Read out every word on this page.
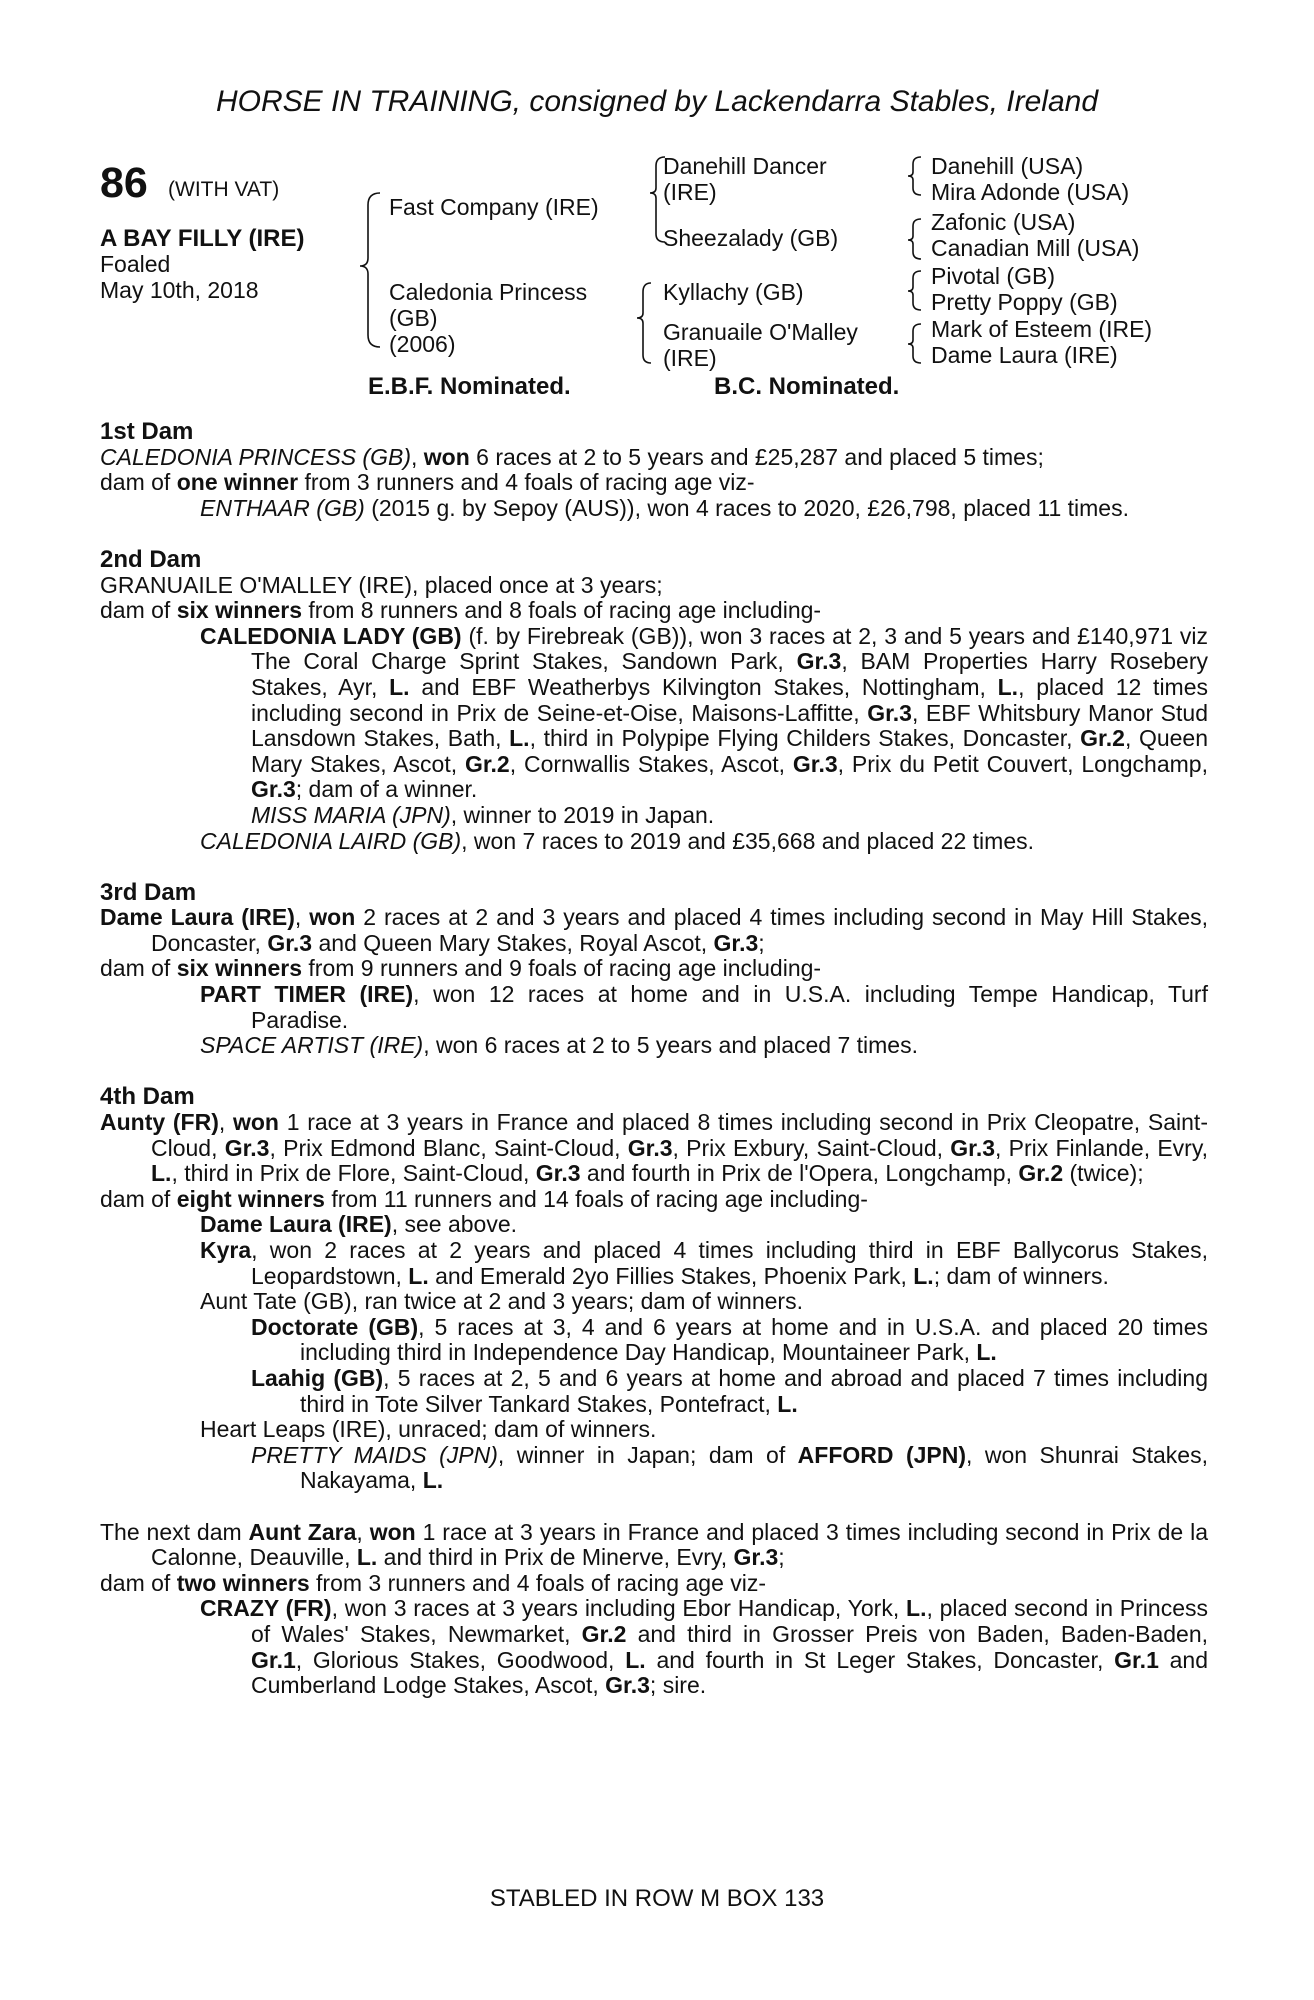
HORSE IN TRAINING, consigned by Lackendarra Stables, Ireland
86 (WITH VAT)
A BAY FILLY (IRE)
Foaled
May 10th, 2018
Fast Company (IRE)
Caledonia Princess
(GB)
(2006)
Danehill Dancer
(IRE)
Sheezalady (GB)
Kyllachy (GB)
Granuaile O'Malley
(IRE)
Danehill (USA)
Mira Adonde (USA)
Zafonic (USA)
Canadian Mill (USA)
Pivotal (GB)
Pretty Poppy (GB)
Mark of Esteem (IRE)
Dame Laura (IRE)
E.B.F. Nominated.	B.C. Nominated.

1st Dam

CALEDONIA PRINCESS (GB), won 6 races at 2 to 5 years and £25,287 and placed 5 times;

dam of one winner from 3 runners and 4 foals of racing age viz-

ENTHAAR (GB) (2015 g. by Sepoy (AUS)), won 4 races to 2020, £26,798, placed 11 times.

2nd Dam

GRANUAILE O'MALLEY (IRE), placed once at 3 years;

dam of six winners from 8 runners and 8 foals of racing age including-

CALEDONIA LADY (GB) (f. by Firebreak (GB)), won 3 races at 2, 3 and 5 years and £140,971 viz The Coral Charge Sprint Stakes, Sandown Park, Gr.3, BAM Properties Harry Rosebery Stakes, Ayr, L. and EBF Weatherbys Kilvington Stakes, Nottingham, L., placed 12 times including second in Prix de Seine-et-Oise, Maisons-Laffitte, Gr.3, EBF Whitsbury Manor Stud Lansdown Stakes, Bath, L., third in Polypipe Flying Childers Stakes, Doncaster, Gr.2, Queen Mary Stakes, Ascot, Gr.2, Cornwallis Stakes, Ascot, Gr.3, Prix du Petit Couvert, Longchamp, Gr.3; dam of a winner.

MISS MARIA (JPN), winner to 2019 in Japan.

CALEDONIA LAIRD (GB), won 7 races to 2019 and £35,668 and placed 22 times.

3rd Dam

Dame Laura (IRE), won 2 races at 2 and 3 years and placed 4 times including second in May Hill Stakes, Doncaster, Gr.3 and Queen Mary Stakes, Royal Ascot, Gr.3;

dam of six winners from 9 runners and 9 foals of racing age including-

PART TIMER (IRE), won 12 races at home and in U.S.A. including Tempe Handicap, Turf Paradise.

SPACE ARTIST (IRE), won 6 races at 2 to 5 years and placed 7 times.

4th Dam

Aunty (FR), won 1 race at 3 years in France and placed 8 times including second in Prix Cleopatre, Saint-Cloud, Gr.3, Prix Edmond Blanc, Saint-Cloud, Gr.3, Prix Exbury, Saint-Cloud, Gr.3, Prix Finlande, Evry, L., third in Prix de Flore, Saint-Cloud, Gr.3 and fourth in Prix de l'Opera, Longchamp, Gr.2 (twice);

dam of eight winners from 11 runners and 14 foals of racing age including-

Dame Laura (IRE), see above.

Kyra, won 2 races at 2 years and placed 4 times including third in EBF Ballycorus Stakes, Leopardstown, L. and Emerald 2yo Fillies Stakes, Phoenix Park, L.; dam of winners.

Aunt Tate (GB), ran twice at 2 and 3 years; dam of winners.

Doctorate (GB), 5 races at 3, 4 and 6 years at home and in U.S.A. and placed 20 times including third in Independence Day Handicap, Mountaineer Park, L.

Laahig (GB), 5 races at 2, 5 and 6 years at home and abroad and placed 7 times including third in Tote Silver Tankard Stakes, Pontefract, L.

Heart Leaps (IRE), unraced; dam of winners.

PRETTY MAIDS (JPN), winner in Japan; dam of AFFORD (JPN), won Shunrai Stakes, Nakayama, L.

The next dam Aunt Zara, won 1 race at 3 years in France and placed 3 times including second in Prix de la Calonne, Deauville, L. and third in Prix de Minerve, Evry, Gr.3;

dam of two winners from 3 runners and 4 foals of racing age viz-

CRAZY (FR), won 3 races at 3 years including Ebor Handicap, York, L., placed second in Princess of Wales' Stakes, Newmarket, Gr.2 and third in Grosser Preis von Baden, Baden-Baden, Gr.1, Glorious Stakes, Goodwood, L. and fourth in St Leger Stakes, Doncaster, Gr.1 and Cumberland Lodge Stakes, Ascot, Gr.3; sire.

STABLED IN ROW M BOX 133
